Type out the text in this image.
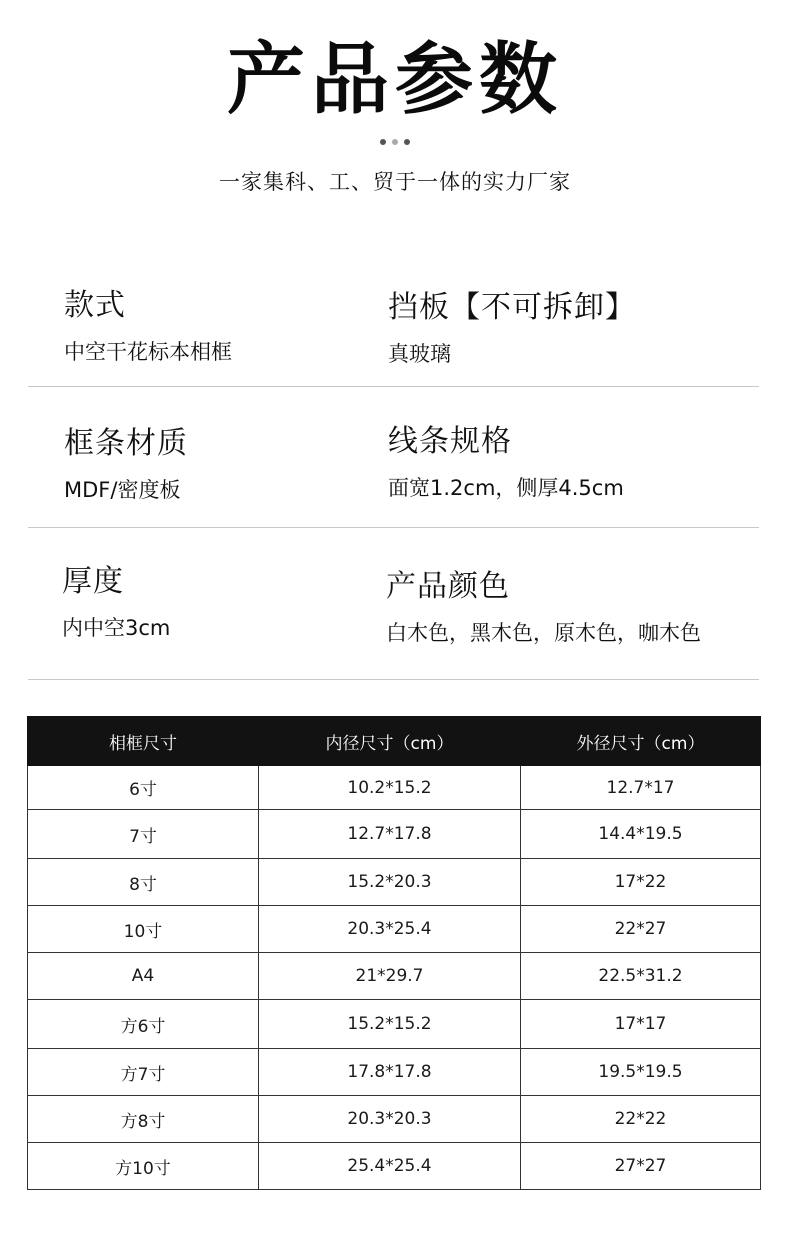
产品参数
一家集科、工、贸于一体的实力厂家
款式
中空干花标本相框
挡板【不可拆卸】
真玻璃
框条材质
MDF/密度板
线条规格
面宽1.2cm，侧厚4.5cm
厚度
内中空3cm
产品颜色
白木色，黑木色，原木色，咖木色
相框尺寸	内径尺寸（cm）	外径尺寸（cm）
6寸	10.2*15.2	12.7*17
7寸	12.7*17.8	14.4*19.5
8寸	15.2*20.3	17*22
10寸	20.3*25.4	22*27
A4	21*29.7	22.5*31.2
方6寸	15.2*15.2	17*17
方7寸	17.8*17.8	19.5*19.5
方8寸	20.3*20.3	22*22
方10寸	25.4*25.4	27*27
